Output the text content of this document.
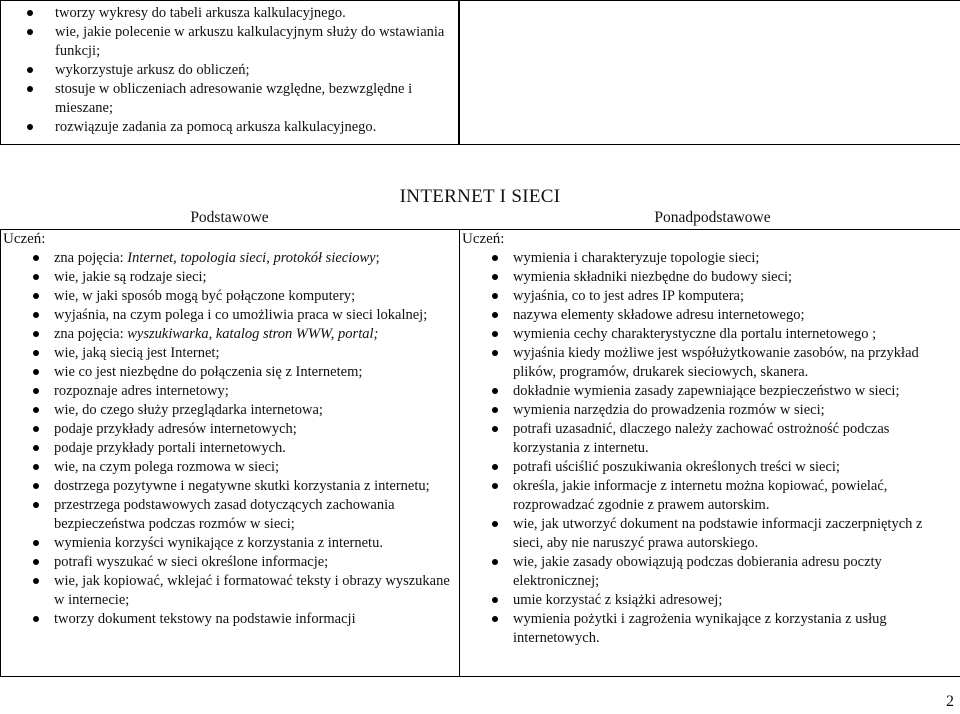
tworzy wykresy do tabeli arkusza kalkulacyjnego.
wie, jakie polecenie w arkuszu kalkulacyjnym służy do wstawiania funkcji;
wykorzystuje arkusz do obliczeń;
stosuje w obliczeniach adresowanie względne, bezwzględne i mieszane;
rozwiązuje zadania za pomocą arkusza kalkulacyjnego.
INTERNET I SIECI
Podstawowe	Ponadpodstawowe
Uczeń:
zna pojęcia: Internet, topologia sieci, protokół sieciowy;
wie, jakie są rodzaje sieci;
wie, w jaki sposób mogą być połączone komputery;
wyjaśnia, na czym polega i co umożliwia praca w sieci lokalnej;
zna pojęcia: wyszukiwarka, katalog stron WWW, portal;
wie, jaką siecią jest Internet;
wie co jest niezbędne do połączenia się z Internetem;
rozpoznaje adres internetowy;
wie, do czego służy przeglądarka internetowa;
podaje przykłady adresów internetowych;
podaje przykłady portali internetowych.
wie, na czym polega rozmowa w sieci;
dostrzega pozytywne i negatywne skutki korzystania z internetu;
przestrzega podstawowych zasad dotyczących zachowania bezpieczeństwa podczas rozmów w sieci;
wymienia korzyści wynikające z korzystania z internetu.
potrafi wyszukać w sieci określone informacje;
wie, jak kopiować, wklejać i formatować teksty i obrazy wyszukane w internecie;
tworzy dokument tekstowy na podstawie informacji
Uczeń:
wymienia i charakteryzuje topologie sieci;
wymienia składniki niezbędne do budowy sieci;
wyjaśnia, co to jest adres IP komputera;
nazywa elementy składowe adresu internetowego;
wymienia cechy charakterystyczne dla portalu internetowego ;
wyjaśnia kiedy możliwe jest współużytkowanie zasobów, na przykład plików, programów, drukarek sieciowych, skanera.
dokładnie wymienia zasady zapewniające bezpieczeństwo w sieci;
wymienia narzędzia do prowadzenia rozmów w sieci;
potrafi uzasadnić, dlaczego należy zachować ostrożność podczas korzystania z internetu.
potrafi uściślić poszukiwania określonych treści w sieci;
określa, jakie informacje z internetu można kopiować, powielać, rozprowadzać zgodnie z prawem autorskim.
wie, jak utworzyć dokument na podstawie informacji zaczerpniętych z sieci, aby nie naruszyć prawa autorskiego.
wie, jakie zasady obowiązują podczas dobierania adresu poczty elektronicznej;
umie korzystać z książki adresowej;
wymienia pożytki i zagrożenia wynikające z korzystania z usług internetowych.
2
